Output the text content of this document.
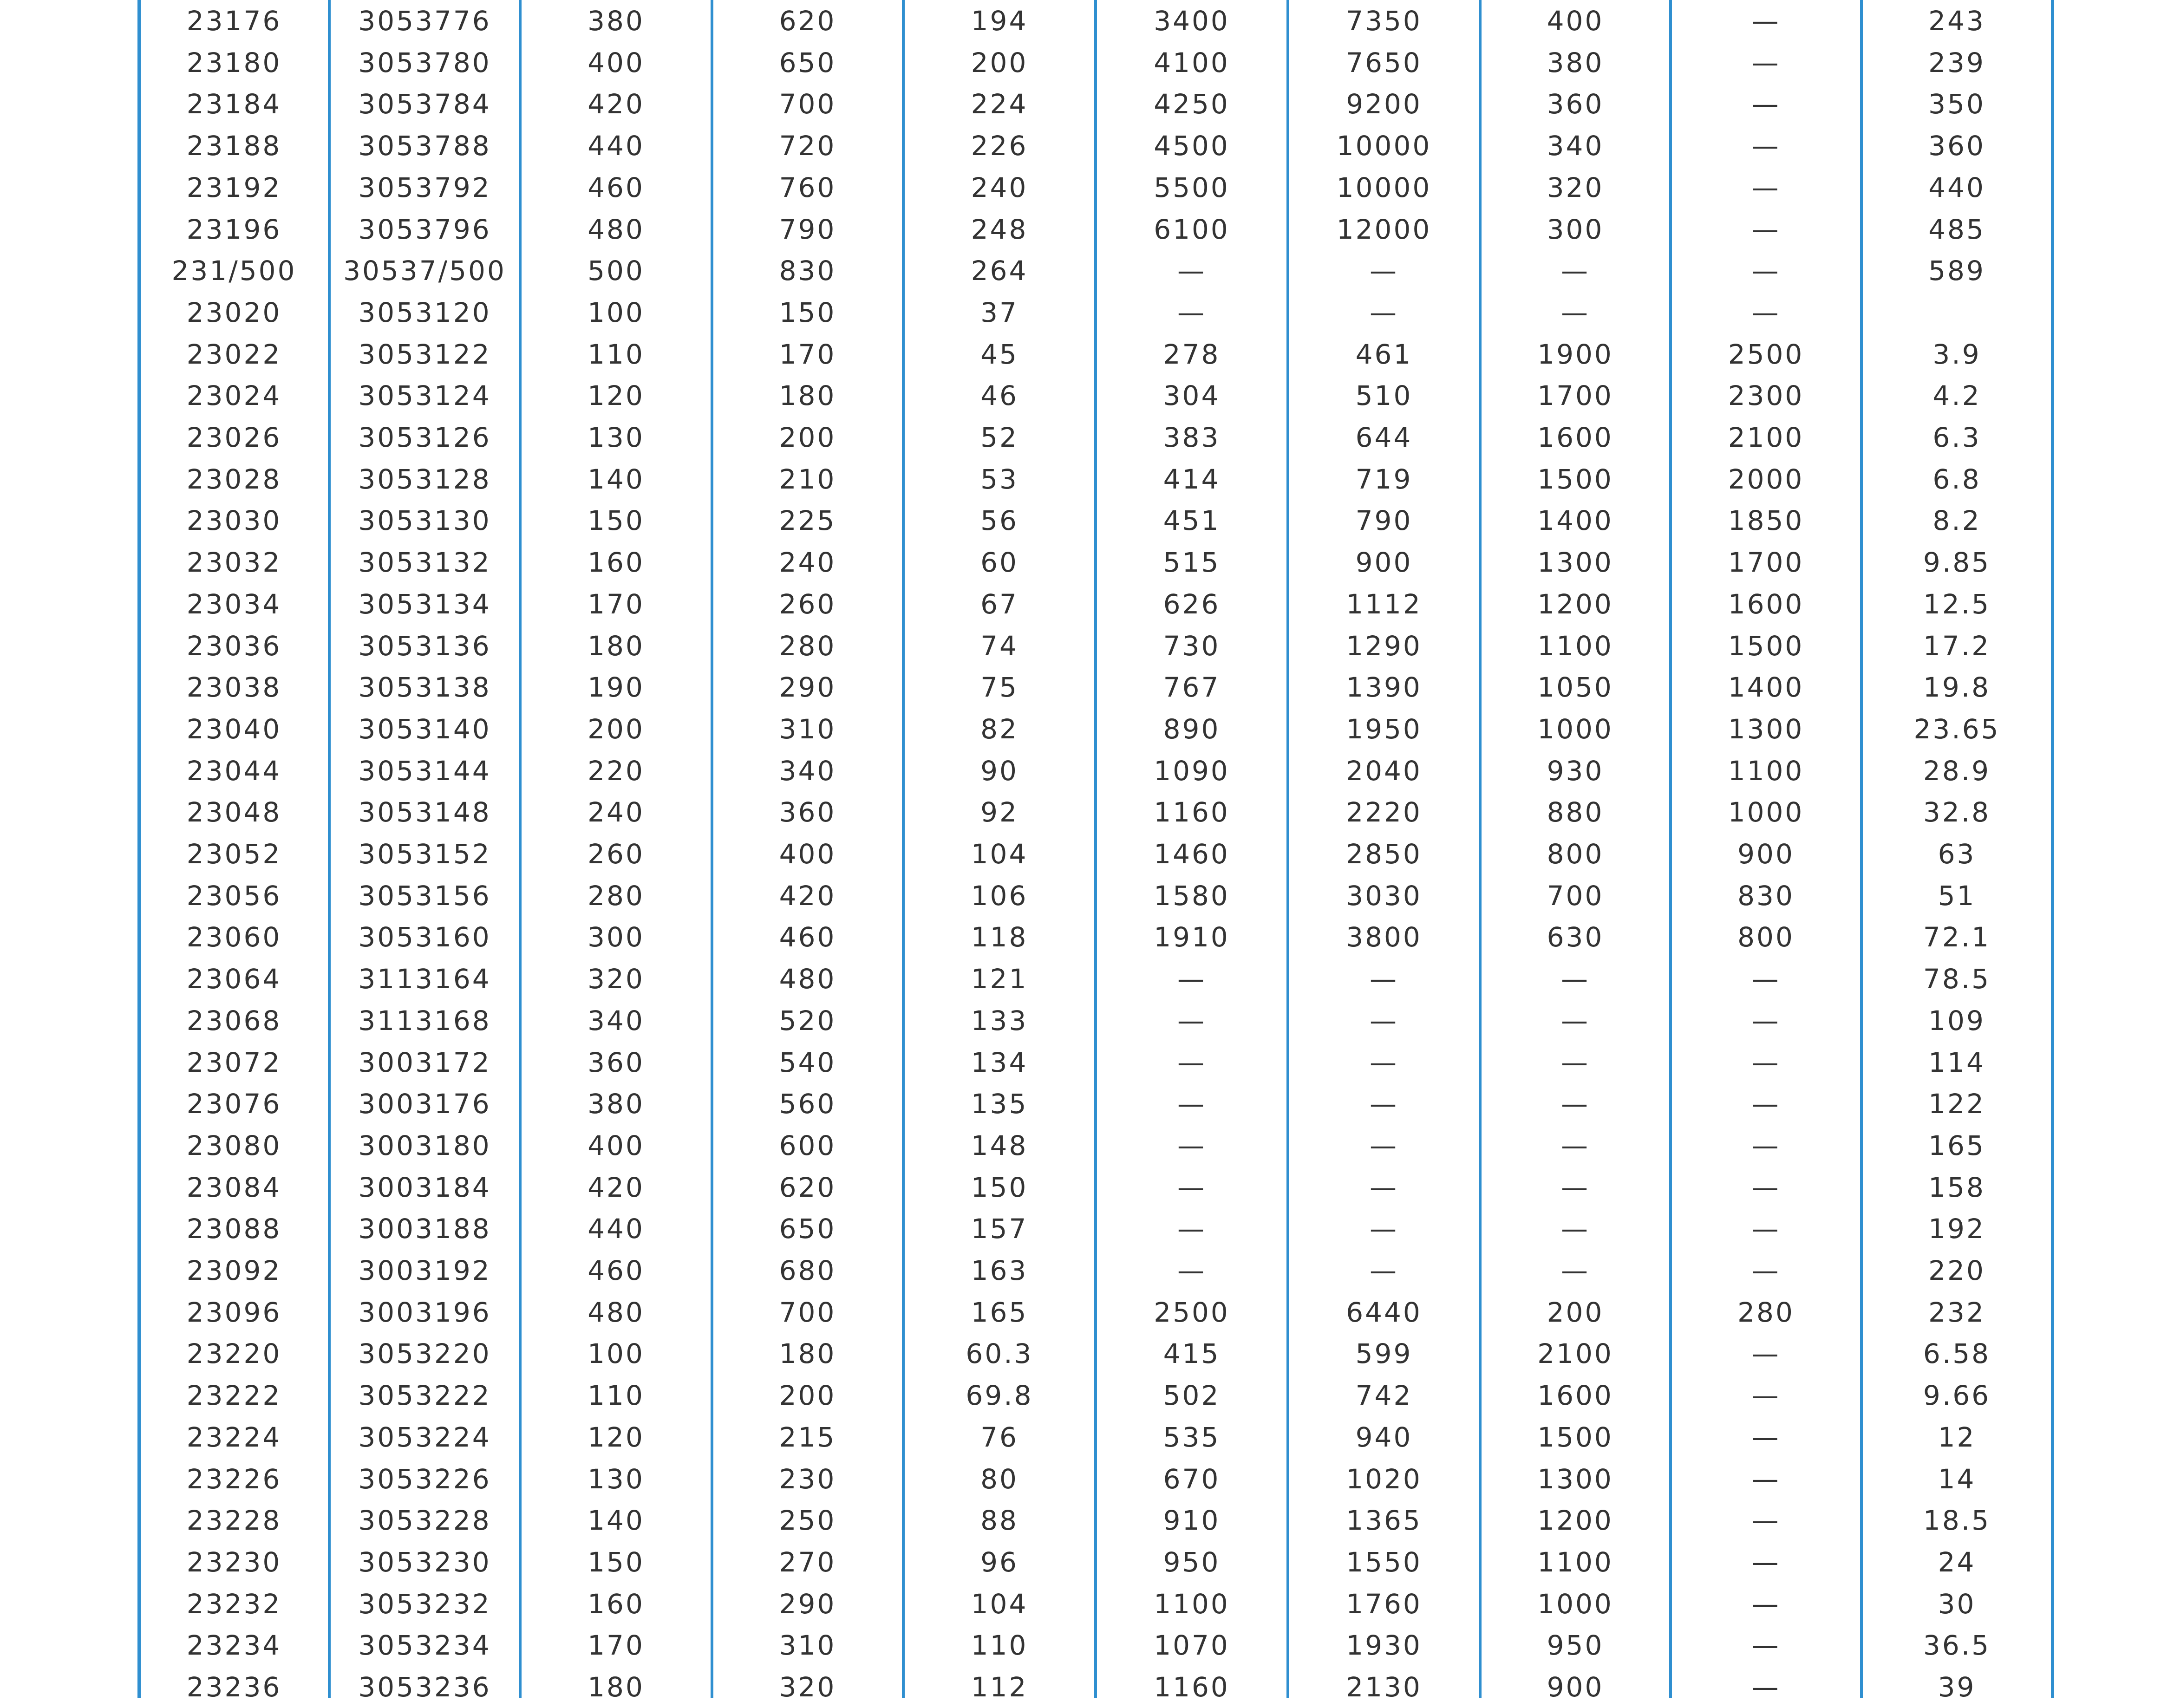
23176	3053776	380	620	194	3400	7350	400	—	243
23180	3053780	400	650	200	4100	7650	380	—	239
23184	3053784	420	700	224	4250	9200	360	—	350
23188	3053788	440	720	226	4500	10000	340	—	360
23192	3053792	460	760	240	5500	10000	320	—	440
23196	3053796	480	790	248	6100	12000	300	—	485
231/500	30537/500	500	830	264	—	—	—	—	589
23020	3053120	100	150	37	—	—	—	—
23022	3053122	110	170	45	278	461	1900	2500	3.9
23024	3053124	120	180	46	304	510	1700	2300	4.2
23026	3053126	130	200	52	383	644	1600	2100	6.3
23028	3053128	140	210	53	414	719	1500	2000	6.8
23030	3053130	150	225	56	451	790	1400	1850	8.2
23032	3053132	160	240	60	515	900	1300	1700	9.85
23034	3053134	170	260	67	626	1112	1200	1600	12.5
23036	3053136	180	280	74	730	1290	1100	1500	17.2
23038	3053138	190	290	75	767	1390	1050	1400	19.8
23040	3053140	200	310	82	890	1950	1000	1300	23.65
23044	3053144	220	340	90	1090	2040	930	1100	28.9
23048	3053148	240	360	92	1160	2220	880	1000	32.8
23052	3053152	260	400	104	1460	2850	800	900	63
23056	3053156	280	420	106	1580	3030	700	830	51
23060	3053160	300	460	118	1910	3800	630	800	72.1
23064	3113164	320	480	121	—	—	—	—	78.5
23068	3113168	340	520	133	—	—	—	—	109
23072	3003172	360	540	134	—	—	—	—	114
23076	3003176	380	560	135	—	—	—	—	122
23080	3003180	400	600	148	—	—	—	—	165
23084	3003184	420	620	150	—	—	—	—	158
23088	3003188	440	650	157	—	—	—	—	192
23092	3003192	460	680	163	—	—	—	—	220
23096	3003196	480	700	165	2500	6440	200	280	232
23220	3053220	100	180	60.3	415	599	2100	—	6.58
23222	3053222	110	200	69.8	502	742	1600	—	9.66
23224	3053224	120	215	76	535	940	1500	—	12
23226	3053226	130	230	80	670	1020	1300	—	14
23228	3053228	140	250	88	910	1365	1200	—	18.5
23230	3053230	150	270	96	950	1550	1100	—	24
23232	3053232	160	290	104	1100	1760	1000	—	30
23234	3053234	170	310	110	1070	1930	950	—	36.5
23236	3053236	180	320	112	1160	2130	900	—	39
